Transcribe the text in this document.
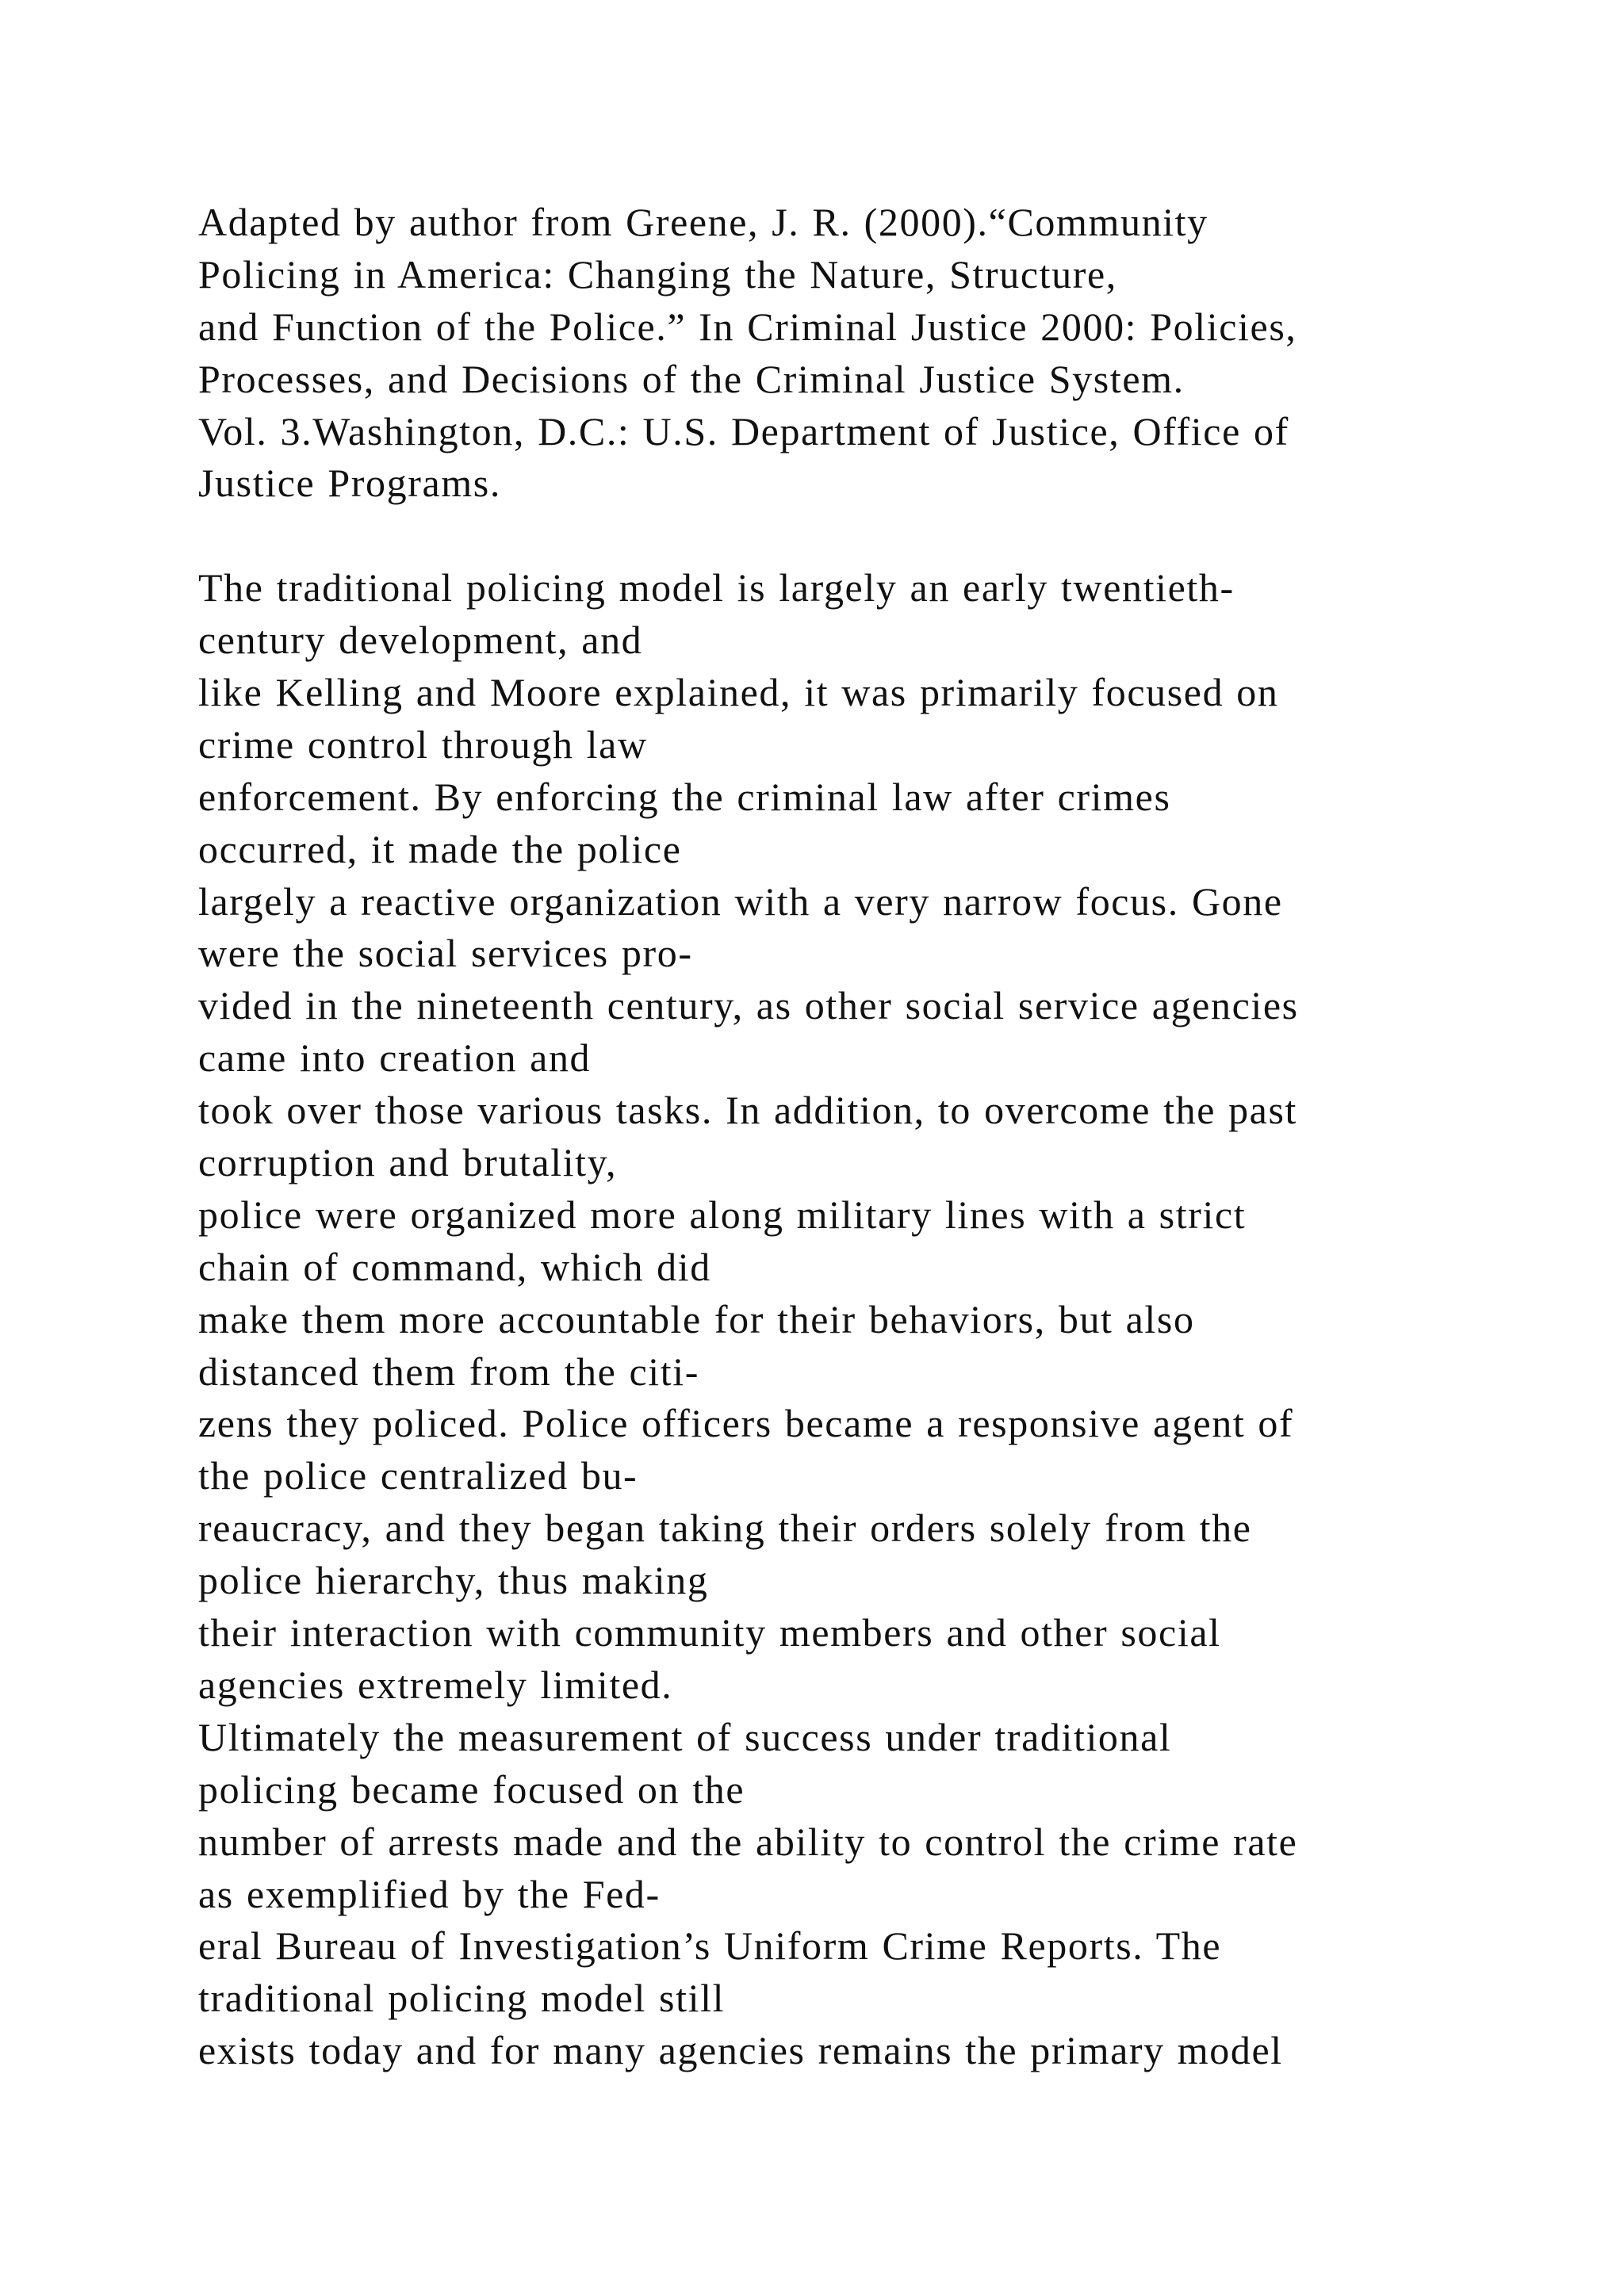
Adapted by author from Greene, J. R. (2000).“Community
Policing in America: Changing the Nature, Structure,
and Function of the Police.” In Criminal Justice 2000: Policies,
Processes, and Decisions of the Criminal Justice System.
Vol. 3.Washington, D.C.: U.S. Department of Justice, Office of
Justice Programs.
The traditional policing model is largely an early twentieth-
century development, and
like Kelling and Moore explained, it was primarily focused on
crime control through law
enforcement. By enforcing the criminal law after crimes
occurred, it made the police
largely a reactive organization with a very narrow focus. Gone
were the social services pro-
vided in the nineteenth century, as other social service agencies
came into creation and
took over those various tasks. In addition, to overcome the past
corruption and brutality,
police were organized more along military lines with a strict
chain of command, which did
make them more accountable for their behaviors, but also
distanced them from the citi-
zens they policed. Police officers became a responsive agent of
the police centralized bu-
reaucracy, and they began taking their orders solely from the
police hierarchy, thus making
their interaction with community members and other social
agencies extremely limited.
Ultimately the measurement of success under traditional
policing became focused on the
number of arrests made and the ability to control the crime rate
as exemplified by the Fed-
eral Bureau of Investigation’s Uniform Crime Reports. The
traditional policing model still
exists today and for many agencies remains the primary model
